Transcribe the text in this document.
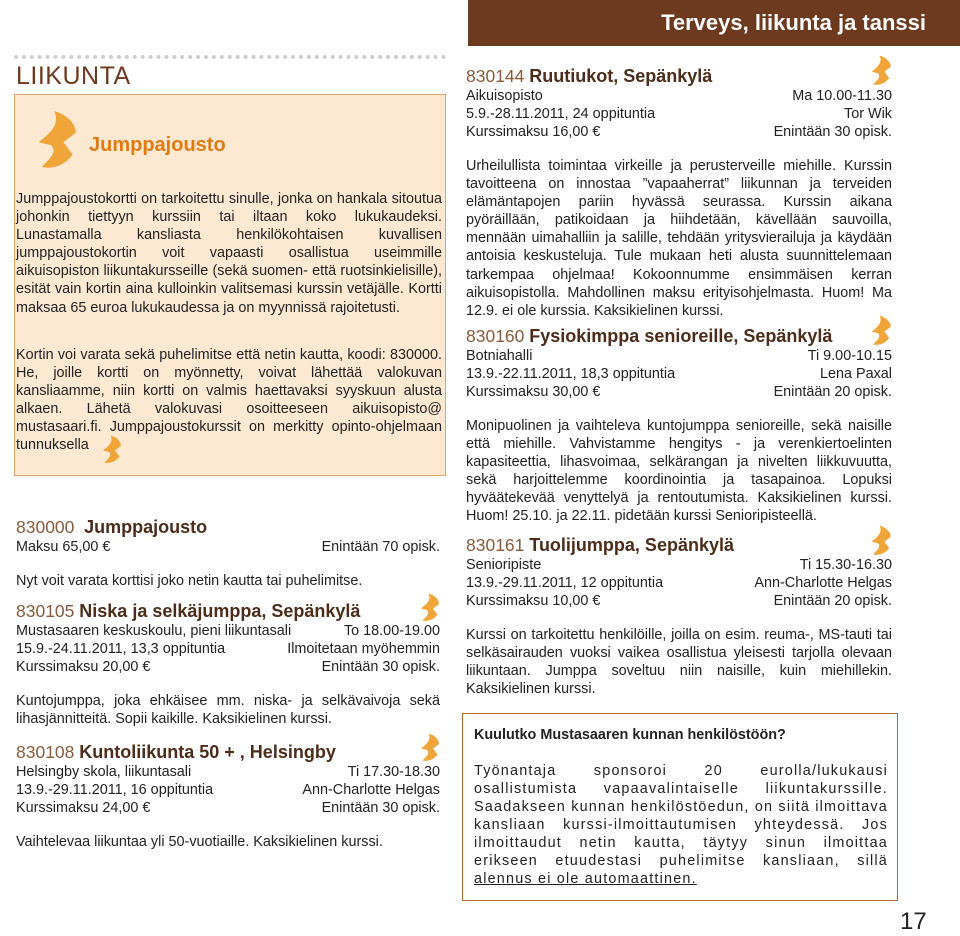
Terveys, liikunta ja tanssi
LIIKUNTA
Jumppajousto
Jumppajoustokortti on tarkoitettu sinulle, jonka on hankala sitoutua johonkin tiettyyn kurssiin tai iltaan koko lukukaudeksi. Lunastamalla kansliasta henkilökohtaisen kuvallisen jumppajoustokortin voit vapaasti osallistua useimmille aikuisopiston liikuntakursseille (sekä suomen- että ruotsinkielisille), esität vain kortin aina kulloinkin valitsemasi kurssin vetäjälle. Kortti maksaa 65 euroa lukukaudessa ja on myynnissä rajoitetusti.
Kortin voi varata sekä puhelimitse että netin kautta, koodi: 830000. He, joille kortti on myönnetty, voivat lähettää valokuvan kansliaamme, niin kortti on valmis haettavaksi syyskuun alusta alkaen. Lähetä valokuvasi osoitteeseen aikuisopisto@ mustasaari.fi. Jumppajoustokurssit on merkitty opinto-ohjelmaan tunnuksella
830000 Jumppajousto
Maksu 65,00 €	Enintään 70 opisk.
Nyt voit varata korttisi joko netin kautta tai puhelimitse.
830105 Niska ja selkäjumppa, Sepänkylä
Mustasaaren keskuskoulu, pieni liikuntasali	To 18.00-19.00
15.9.-24.11.2011, 13,3 oppituntia	Ilmoitetaan myöhemmin
Kurssimaksu 20,00 €	Enintään 30 opisk.
Kuntojumppa, joka ehkäisee mm. niska- ja selkävaivoja sekä lihasjännitteitä. Sopii kaikille. Kaksikielinen kurssi.
830108 Kuntoliikunta 50 + , Helsingby
Helsingby skola, liikuntasali	Ti 17.30-18.30
13.9.-29.11.2011, 16 oppituntia	Ann-Charlotte Helgas
Kurssimaksu 24,00 €	Enintään 30 opisk.
Vaihtelevaa liikuntaa yli 50-vuotiaille. Kaksikielinen kurssi.
830144 Ruutiukot, Sepänkylä
Aikuisopisto	Ma 10.00-11.30
5.9.-28.11.2011, 24 oppituntia	Tor Wik
Kurssimaksu 16,00 €	Enintään 30 opisk.
Urheilullista toimintaa virkeille ja perusterveille miehille. Kurssin tavoitteena on innostaa ”vapaaherrat” liikunnan ja terveiden elämäntapojen pariin hyvässä seurassa. Kurssin aikana pyöräillään, patikoidaan ja hiihdetään, kävellään sauvoilla, mennään uimahalliin ja salille, tehdään yritysvierailuja ja käydään antoisia keskusteluja. Tule mukaan heti alusta suunnittelemaan tarkempaa ohjelmaa! Kokoonnumme ensimmäisen kerran aikuisopistolla. Mahdollinen maksu erityisohjelmasta. Huom! Ma 12.9. ei ole kurssia. Kaksikielinen kurssi.
830160 Fysiokimppa senioreille, Sepänkylä
Botniahalli	Ti 9.00-10.15
13.9.-22.11.2011, 18,3 oppituntia	Lena Paxal
Kurssimaksu 30,00 €	Enintään 20 opisk.
Monipuolinen ja vaihteleva kuntojumppa senioreille, sekä naisille että miehille. Vahvistamme hengitys - ja verenkiertoelinten kapasiteettia, lihasvoimaa, selkärangan ja nivelten liikkuvuutta, sekä harjoittelemme koordinointia ja tasapainoa. Lopuksi hyväätekevää venyttelyä ja rentoutumista. Kaksikielinen kurssi. Huom! 25.10. ja 22.11. pidetään kurssi Senioripisteellä.
830161 Tuolijumppa, Sepänkylä
Senioripiste	Ti 15.30-16.30
13.9.-29.11.2011, 12 oppituntia	Ann-Charlotte Helgas
Kurssimaksu 10,00 €	Enintään 20 opisk.
Kurssi on tarkoitettu henkilöille, joilla on esim. reuma-, MS-tauti tai selkäsairauden vuoksi vaikea osallistua yleisesti tarjolla olevaan liikuntaan. Jumppa soveltuu niin naisille, kuin miehillekin. Kaksikielinen kurssi.
Kuulutko Mustasaaren kunnan henkilöstöön?
Työnantaja sponsoroi 20 eurolla/lukukausi osallistumista vapaavalintaiselle liikuntakurssille. Saadakseen kunnan henkilöstöedun, on siitä ilmoittava kansliaan kurssi-ilmoittautumisen yhteydessä. Jos ilmoittaudut netin kautta, täytyy sinun ilmoittaa erikseen etuudestasi puhelimitse kansliaan, sillä alennus ei ole automaattinen.
17
